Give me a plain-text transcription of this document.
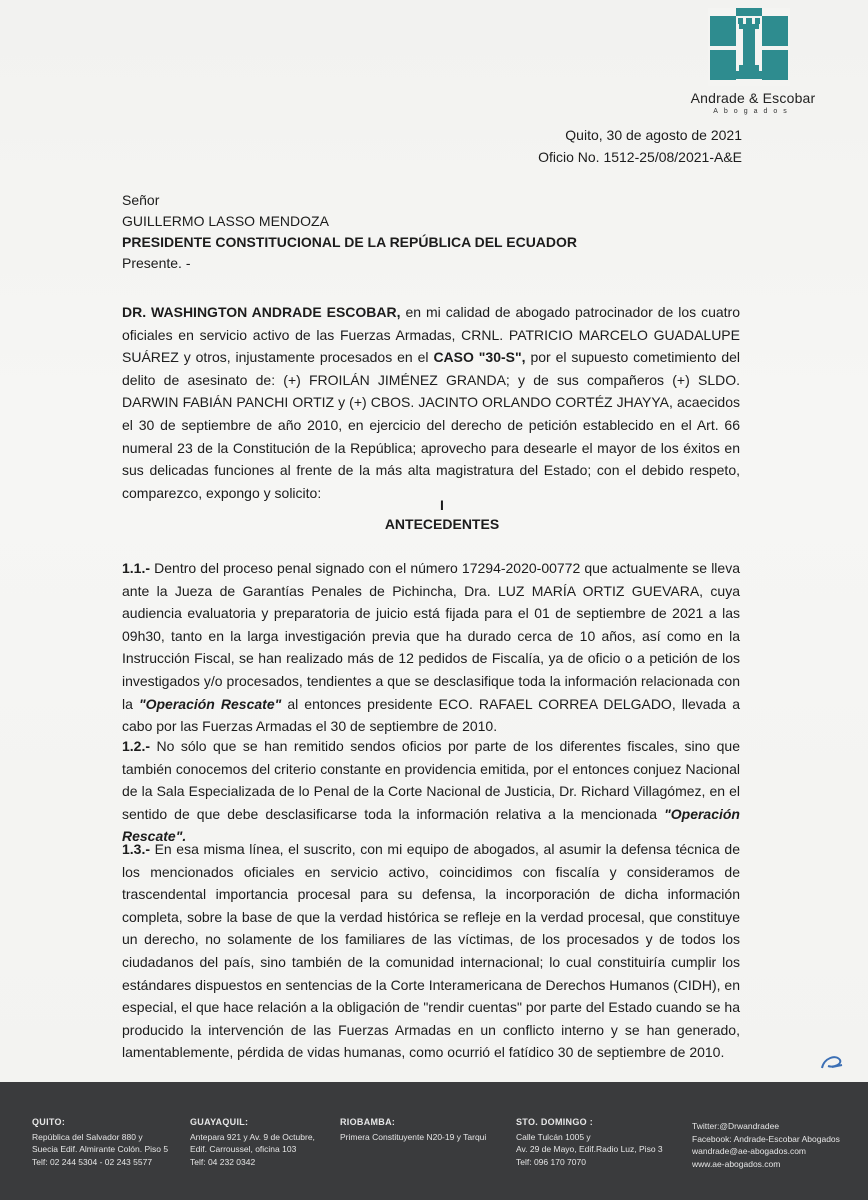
Andrade & Escobar
Abogados
Quito, 30 de agosto de 2021
Oficio No. 1512-25/08/2021-A&E
Señor
GUILLERMO LASSO MENDOZA
PRESIDENTE CONSTITUCIONAL DE LA REPÚBLICA DEL ECUADOR
Presente. -

DR. WASHINGTON ANDRADE ESCOBAR, en mi calidad de abogado patrocinador de los cuatro oficiales en servicio activo de las Fuerzas Armadas, CRNL. PATRICIO MARCELO GUADALUPE SUÁREZ y otros, injustamente procesados en el CASO "30-S", por el supuesto cometimiento del delito de asesinato de: (+) FROILÁN JIMÉNEZ GRANDA; y de sus compañeros (+) SLDO. DARWIN FABIÁN PANCHI ORTIZ y (+) CBOS. JACINTO ORLANDO CORTÉZ JHAYYA, acaecidos el 30 de septiembre de año 2010, en ejercicio del derecho de petición establecido en el Art. 66 numeral 23 de la Constitución de la República; aprovecho para desearle el mayor de los éxitos en sus delicadas funciones al frente de la más alta magistratura del Estado; con el debido respeto, comparezco, expongo y solicito:

I
ANTECEDENTES

1.1.- Dentro del proceso penal signado con el número 17294-2020-00772 que actualmente se lleva ante la Jueza de Garantías Penales de Pichincha, Dra. LUZ MARÍA ORTIZ GUEVARA, cuya audiencia evaluatoria y preparatoria de juicio está fijada para el 01 de septiembre de 2021 a las 09h30, tanto en la larga investigación previa que ha durado cerca de 10 años, así como en la Instrucción Fiscal, se han realizado más de 12 pedidos de Fiscalía, ya de oficio o a petición de los investigados y/o procesados, tendientes a que se desclasifique toda la información relacionada con la "Operación Rescate" al entonces presidente ECO. RAFAEL CORREA DELGADO, llevada a cabo por las Fuerzas Armadas el 30 de septiembre de 2010.

1.2.- No sólo que se han remitido sendos oficios por parte de los diferentes fiscales, sino que también conocemos del criterio constante en providencia emitida, por el entonces conjuez Nacional de la Sala Especializada de lo Penal de la Corte Nacional de Justicia, Dr. Richard Villagómez, en el sentido de que debe desclasificarse toda la información relativa a la mencionada "Operación Rescate".

1.3.- En esa misma línea, el suscrito, con mi equipo de abogados, al asumir la defensa técnica de los mencionados oficiales en servicio activo, coincidimos con fiscalía y consideramos de trascendental importancia procesal para su defensa, la incorporación de dicha información completa, sobre la base de que la verdad histórica se refleje en la verdad procesal, que constituye un derecho, no solamente de los familiares de las víctimas, de los procesados y de todos los ciudadanos del país, sino también de la comunidad internacional; lo cual constituiría cumplir los estándares dispuestos en sentencias de la Corte Interamericana de Derechos Humanos (CIDH), en especial, el que hace relación a la obligación de "rendir cuentas" por parte del Estado cuando se ha producido la intervención de las Fuerzas Armadas en un conflicto interno y se han generado, lamentablemente, pérdida de vidas humanas, como ocurrió el fatídico 30 de septiembre de 2010.

QUITO:
República del Salvador 880 y
Suecia Edif. Almirante Colón. Piso 5
Telf: 02 244 5304 - 02 243 5577
GUAYAQUIL:
Antepara 921 y Av. 9 de Octubre,
Edif. Carroussel, oficina 103
Telf: 04 232 0342
RIOBAMBA:
Primera Constituyente N20-19 y Tarqui
STO. DOMINGO :
Calle Tulcán 1005 y
Av. 29 de Mayo, Edif.Radio Luz, Piso 3
Telf: 096 170 7070
Twitter:@Drwandradee
Facebook: Andrade-Escobar Abogados
wandrade@ae-abogados.com
www.ae-abogados.com
